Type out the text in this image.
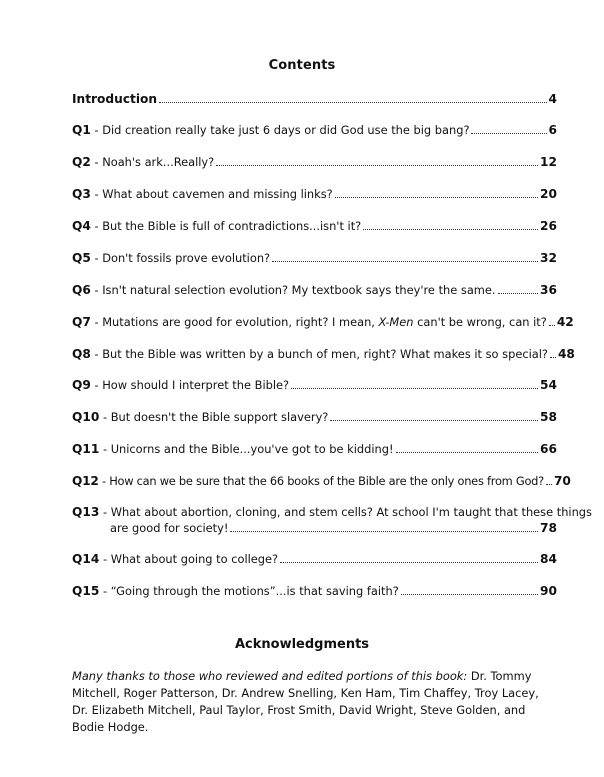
Contents
Introduction	4
Q1 - Did creation really take just 6 days or did God use the big bang?	6
Q2 - Noah's ark...Really?	12
Q3 - What about cavemen and missing links?	20
Q4 - But the Bible is full of contradictions...isn't it?	26
Q5 - Don't fossils prove evolution?	32
Q6 - Isn't natural selection evolution? My textbook says they're the same.	36
Q7 - Mutations are good for evolution, right? I mean, X-Men can't be wrong, can it? 42
Q8 - But the Bible was written by a bunch of men, right? What makes it so special? 48
Q9 - How should I interpret the Bible?	54
Q10 - But doesn't the Bible support slavery?	58
Q11 - Unicorns and the Bible...you've got to be kidding!	66
Q12 - How can we be sure that the 66 books of the Bible are the only ones from God? 70
Q13 - What about abortion, cloning, and stem cells? At school I'm taught that these things
are good for society!	78
Q14 - What about going to college?	84
Q15 - “Going through the motions”...is that saving faith?	90
Acknowledgments
Many thanks to those who reviewed and edited portions of this book: Dr. Tommy Mitchell, Roger Patterson, Dr. Andrew Snelling, Ken Ham, Tim Chaffey, Troy Lacey, Dr. Elizabeth Mitchell, Paul Taylor, Frost Smith, David Wright, Steve Golden, and Bodie Hodge.
